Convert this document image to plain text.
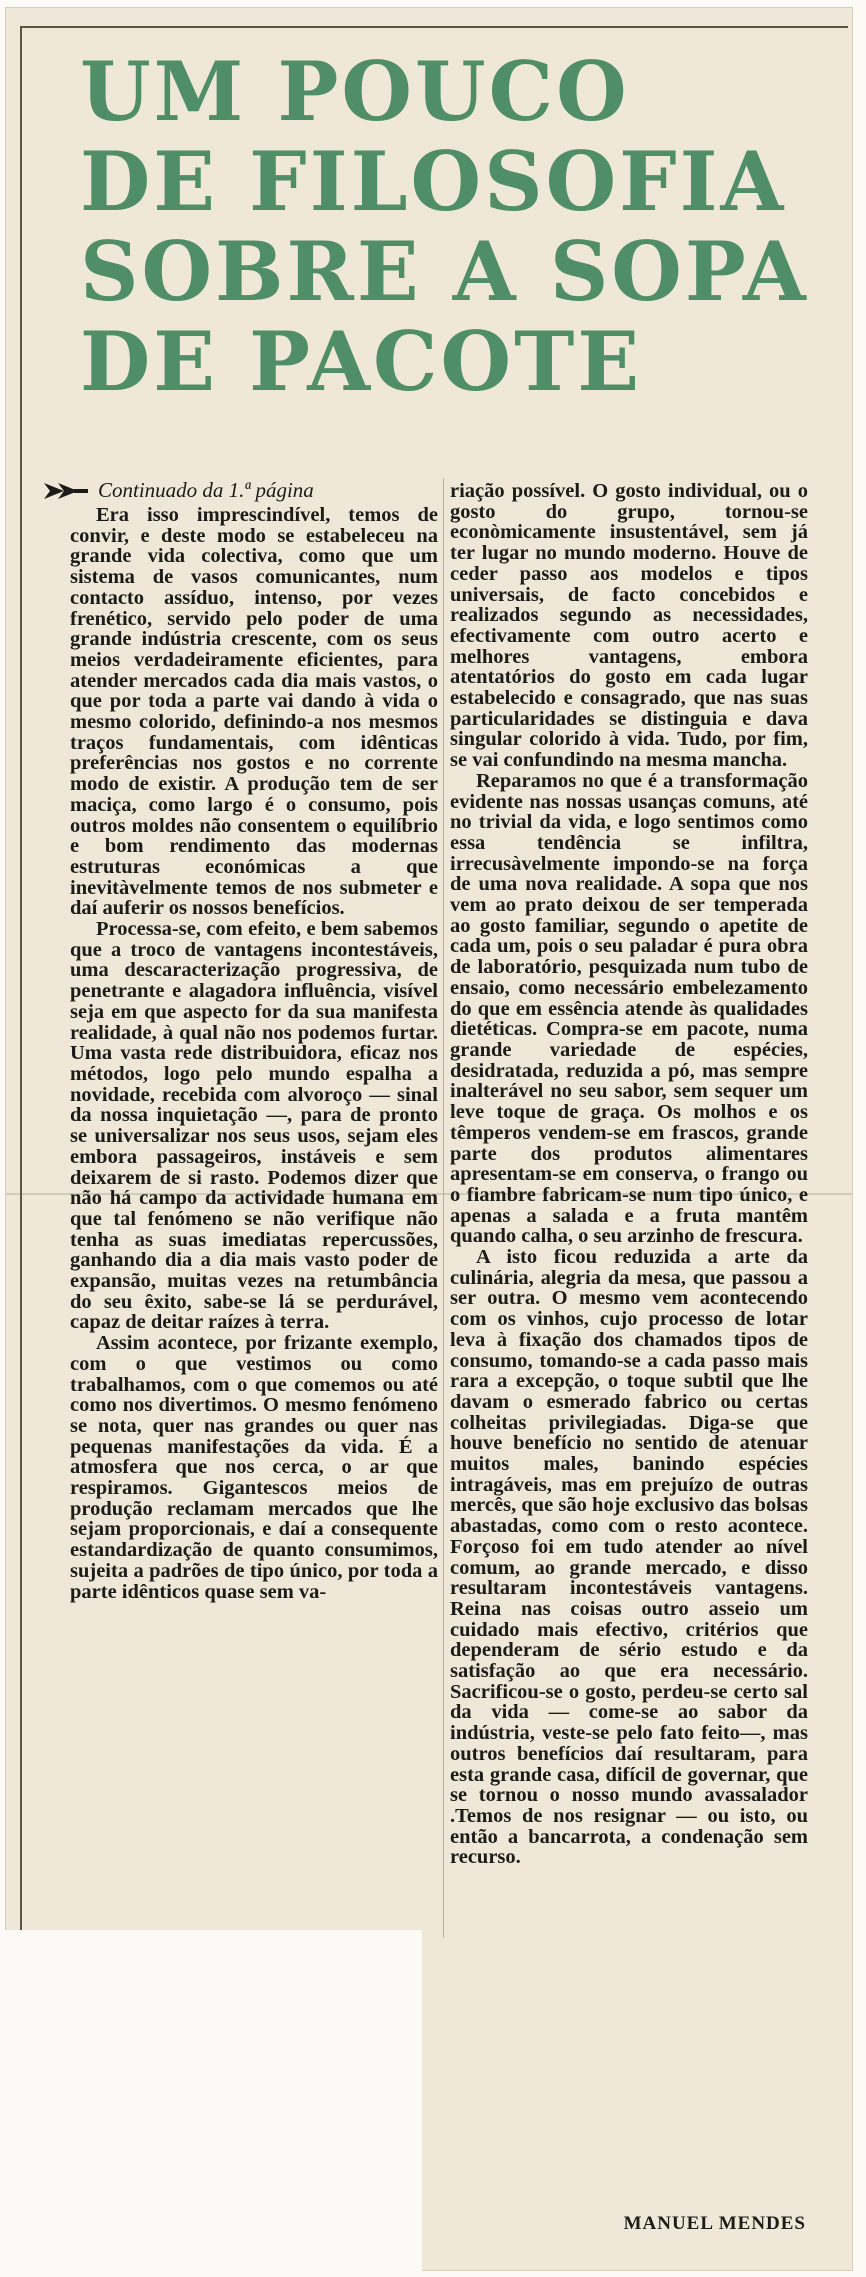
UM POUCO
DE FILOSOFIA
SOBRE A SOPA
DE PACOTE
Continuado da 1.ª página

Era isso imprescindível, temos de convir, e deste modo se estabeleceu na grande vida colectiva, como que um sistema de vasos comunicantes, num contacto assíduo, intenso, por vezes frenético, servido pelo poder de uma grande indústria crescente, com os seus meios verdadeiramente eficientes, para atender mercados cada dia mais vastos, o que por toda a parte vai dando à vida o mesmo colorido, definindo-a nos mesmos traços fundamentais, com idênticas preferências nos gostos e no corrente modo de existir. A produção tem de ser maciça, como largo é o consumo, pois outros moldes não consentem o equilíbrio e bom rendimento das modernas estruturas económicas a que inevitàvelmente temos de nos submeter e daí auferir os nossos benefícios.

Processa-se, com efeito, e bem sabemos que a troco de vantagens incontestáveis, uma descaracterização progressiva, de penetrante e alagadora influência, visível seja em que aspecto for da sua manifesta realidade, à qual não nos podemos furtar. Uma vasta rede distribuidora, eficaz nos métodos, logo pelo mundo espalha a novidade, recebida com alvoroço — sinal da nossa inquietação —, para de pronto se universalizar nos seus usos, sejam eles embora passageiros, instáveis e sem deixarem de si rasto. Podemos dizer que não há campo da actividade humana em que tal fenómeno se não verifique não tenha as suas imediatas repercussões, ganhando dia a dia mais vasto poder de expansão, muitas vezes na retumbância do seu êxito, sabe-se lá se perdurável, capaz de deitar raízes à terra.

Assim acontece, por frizante exemplo, com o que vestimos ou como trabalhamos, com o que comemos ou até como nos divertimos. O mesmo fenómeno se nota, quer nas grandes ou quer nas pequenas manifestações da vida. É a atmosfera que nos cerca, o ar que respiramos. Gigantescos meios de produção reclamam mercados que lhe sejam proporcionais, e daí a consequente estandardização de quanto consumimos, sujeita a padrões de tipo único, por toda a parte idênticos quase sem va-

riação possível. O gosto individual, ou o gosto do grupo, tornou-se econòmicamente insustentável, sem já ter lugar no mundo moderno. Houve de ceder passo aos modelos e tipos universais, de facto concebidos e realizados segundo as necessidades, efectivamente com outro acerto e melhores vantagens, embora atentatórios do gosto em cada lugar estabelecido e consagrado, que nas suas particularidades se distinguia e dava singular colorido à vida. Tudo, por fim, se vai confundindo na mesma mancha.

Reparamos no que é a transformação evidente nas nossas usanças comuns, até no trivial da vida, e logo sentimos como essa tendência se infiltra, irrecusàvelmente impondo-se na força de uma nova realidade. A sopa que nos vem ao prato deixou de ser temperada ao gosto familiar, segundo o apetite de cada um, pois o seu paladar é pura obra de laboratório, pesquizada num tubo de ensaio, como necessário embelezamento do que em essência atende às qualidades dietéticas. Compra-se em pacote, numa grande variedade de espécies, desidratada, reduzida a pó, mas sempre inalterável no seu sabor, sem sequer um leve toque de graça. Os molhos e os têmperos vendem-se em frascos, grande parte dos produtos alimentares apresentam-se em conserva, o frango ou o fiambre fabricam-se num tipo único, e apenas a salada e a fruta mantêm quando calha, o seu arzinho de frescura.

A isto ficou reduzida a arte da culinária, alegria da mesa, que passou a ser outra. O mesmo vem acontecendo com os vinhos, cujo processo de lotar leva à fixação dos chamados tipos de consumo, tomando-se a cada passo mais rara a excepção, o toque subtil que lhe davam o esmerado fabrico ou certas colheitas privilegiadas. Diga-se que houve benefício no sentido de atenuar muitos males, banindo espécies intragáveis, mas em prejuízo de outras mercês, que são hoje exclusivo das bolsas abastadas, como com o resto acontece. Forçoso foi em tudo atender ao nível comum, ao grande mercado, e disso resultaram incontestáveis vantagens. Reina nas coisas outro asseio um cuidado mais efectivo, critérios que dependeram de sério estudo e da satisfação ao que era necessário. Sacrificou-se o gosto, perdeu-se certo sal da vida — come-se ao sabor da indústria, veste-se pelo fato feito—, mas outros benefícios daí resultaram, para esta grande casa, difícil de governar, que se tornou o nosso mundo avassalador .Temos de nos resignar — ou isto, ou então a bancarrota, a condenação sem recurso.

MANUEL MENDES
